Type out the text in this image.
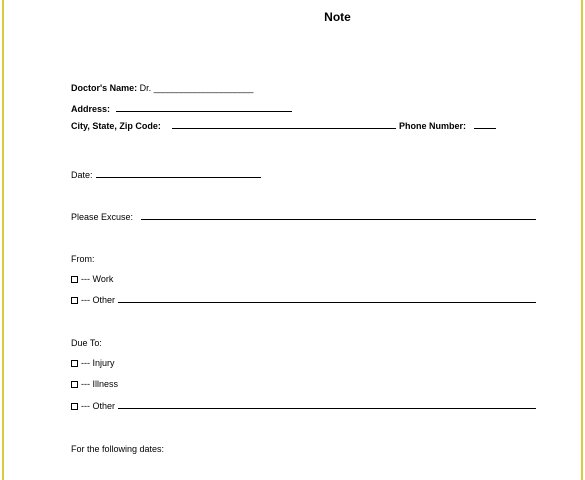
Note
Doctor's Name: Dr. ______________________
Address:
City, State, Zip Code:	Phone Number:
Date:
Please Excuse:
From:
--- Work
--- Other
Due To:
--- Injury
--- Illness
--- Other
For the following dates:
